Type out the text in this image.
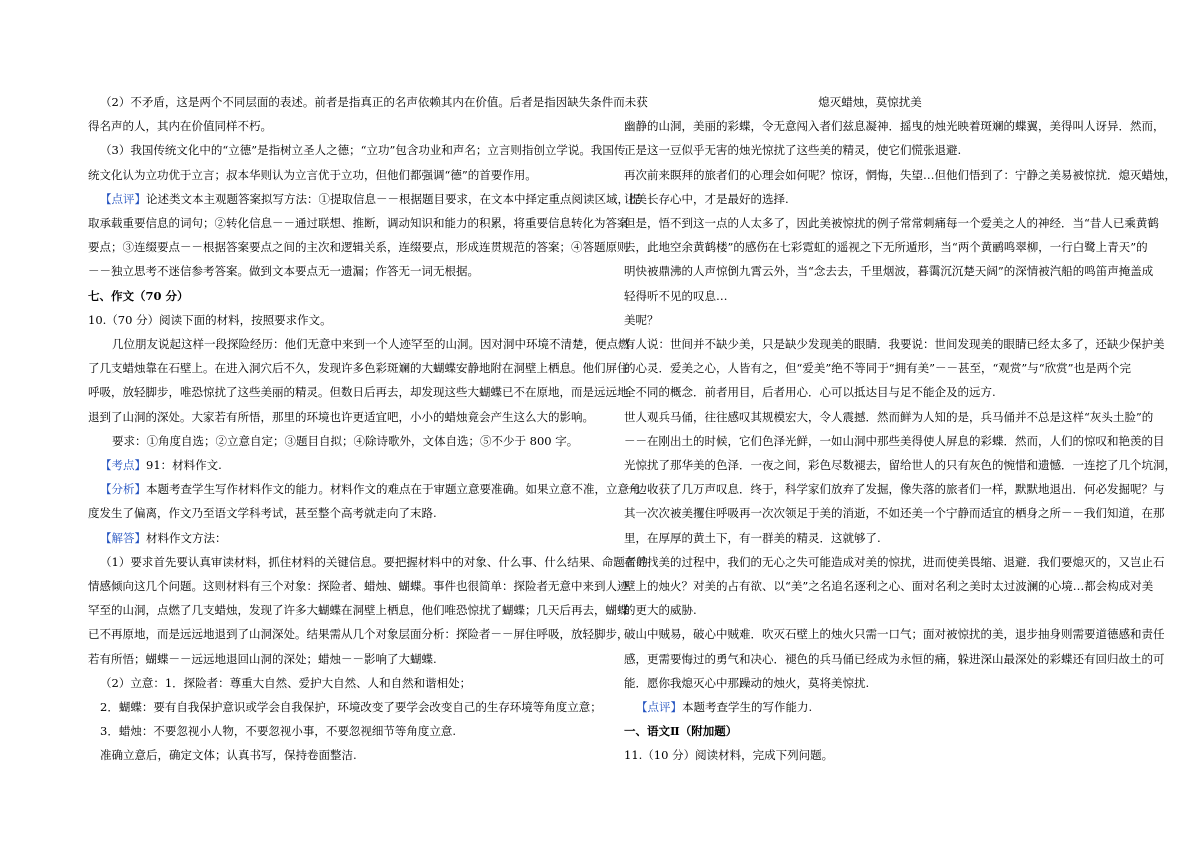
（2）不矛盾，这是两个不同层面的表述。前者是指真正的名声依赖其内在价值。后者是指因缺失条件而未获

得名声的人，其内在价值同样不朽。

（3）我国传统文化中的“立德”是指树立圣人之德；“立功”包含功业和声名；立言则指创立学说。我国传

统文化认为立功优于立言；叔本华则认为立言优于立功，但他们都强调“德”的首要作用。

【点评】论述类文本主观题答案拟写方法：①提取信息－－根据题目要求，在文本中择定重点阅读区域，提

取承载重要信息的词句；②转化信息－－通过联想、推断，调动知识和能力的积累，将重要信息转化为答案

要点；③连缀要点－－根据答案要点之间的主次和逻辑关系，连缀要点，形成连贯规范的答案；④答题原则

－－独立思考不迷信参考答案。做到文本要点无一遗漏；作答无一词无根据。

七、作文（70 分）

10.（70 分）阅读下面的材料，按照要求作文。

几位朋友说起这样一段探险经历：他们无意中来到一个人迹罕至的山洞。因对洞中环境不清楚，便点燃

了几支蜡烛靠在石壁上。在进入洞穴后不久，发现许多色彩斑斓的大蝴蝶安静地附在洞壁上栖息。他们屏住

呼吸，放轻脚步，唯恐惊扰了这些美丽的精灵。但数日后再去，却发现这些大蝴蝶已不在原地，而是远远地

退到了山洞的深处。大家若有所悟，那里的环境也许更适宜吧，小小的蜡烛竟会产生这么大的影响。

要求：①角度自选；②立意自定；③题目自拟；④除诗歌外，文体自选；⑤不少于 800 字。

【考点】91：材料作文.

【分析】本题考查学生写作材料作文的能力。材料作文的难点在于审题立意要准确。如果立意不准，立意角

度发生了偏离，作文乃至语文学科考试，甚至整个高考就走向了末路.

【解答】材料作文方法：

（1）要求首先要认真审读材料，抓住材料的关键信息。要把握材料中的对象、什么事、什么结果、命题者的

情感倾向这几个问题。这则材料有三个对象：探险者、蜡烛、蝴蝶。事件也很简单：探险者无意中来到人迹

罕至的山洞，点燃了几支蜡烛，发现了许多大蝴蝶在洞壁上栖息，他们唯恐惊扰了蝴蝶；几天后再去，蝴蝶

已不再原地，而是远远地退到了山洞深处。结果需从几个对象层面分析：探险者－－屏住呼吸，放轻脚步，

若有所悟；蝴蝶－－远远地退回山洞的深处；蜡烛－－影响了大蝴蝶.

（2）立意：1．探险者：尊重大自然、爱护大自然、人和自然和谐相处；

2．蝴蝶：要有自我保护意识或学会自我保护，环境改变了要学会改变自己的生存环境等角度立意；

3．蜡烛：不要忽视小人物，不要忽视小事，不要忽视细节等角度立意.

准确立意后，确定文体；认真书写，保持卷面整洁.

熄灭蜡烛，莫惊扰美

幽静的山洞，美丽的彩蝶，令无意闯入者们兹息凝神．摇曳的烛光映着斑斓的蝶翼，美得叫人讶异．然而，

正是这一豆似乎无害的烛光惊扰了这些美的精灵，使它们慌张退避.

再次前来瞑拜的旅者们的心理会如何呢？惊讶，惘悔，失望…但他们悟到了：宁静之美易被惊扰．熄灭蜡烛，

让美长存心中，才是最好的选择.

但是，悟不到这一点的人太多了，因此美被惊扰的例子常常刺痛每一个爱美之人的神经．当“昔人已乘黄鹤

去，此地空余黄鹤楼”的感伤在七彩霓虹的遥视之下无所遁形，当“两个黄鹂鸣翠柳，一行白鹭上青天”的

明快被鼎沸的人声惊倒九霄云外，当“念去去，千里烟波，暮霭沉沉楚天阔”的深情被汽船的鸣笛声掩盖成

轻得听不见的叹息…

美呢？

有人说：世间并不缺少美，只是缺少发现美的眼睛．我要说：世间发现美的眼睛已经太多了，还缺少保护美

的心灵．爱美之心，人皆有之，但“爱美”绝不等同于“拥有美”－－甚至，“观赏”与“欣赏”也是两个完

全不同的概念．前者用目，后者用心．心可以抵达目与足不能企及的远方.

世人观兵马俑，往往感叹其规模宏大，令人震撼．然而鲜为人知的是，兵马俑并不总是这样“灰头土脸”的

－－在刚出土的时候，它们色泽光鲜，一如山洞中那些美得使人屏息的彩蝶．然而，人们的惊叹和艳羡的目

光惊扰了那华美的色泽．一夜之间，彩色尽数褪去，留给世人的只有灰色的惋惜和遗憾．一连挖了几个坑洞，

一边收获了几万声叹息．终于，科学家们放弃了发掘，像失落的旅者们一样，默默地退出．何必发掘呢？与

其一次次被美攫住呼吸再一次次领足于美的消逝，不如还美一个宁静而适宜的栖身之所－－我们知道，在那

里，在厚厚的黄土下，有一群美的精灵．这就够了.

在寻找美的过程中，我们的无心之失可能造成对美的惊扰，进而使美畏缩、退避．我们要熄灭的，又岂止石

壁上的烛火？对美的占有欲、以“美”之名追名逐利之心、面对名利之美时太过波澜的心境…都会构成对美

的更大的威胁.

破山中贼易，破心中贼难．吹灭石壁上的烛火只需一口气；面对被惊扰的美，退步抽身则需要道德感和责任

感，更需要悔过的勇气和决心．褪色的兵马俑已经成为永恒的痛，躲进深山最深处的彩蝶还有回归故土的可

能．愿你我熄灭心中那躁动的烛火，莫将美惊扰.

【点评】本题考查学生的写作能力.

一、语文Ⅱ（附加题）

11.（10 分）阅读材料，完成下列问题。
